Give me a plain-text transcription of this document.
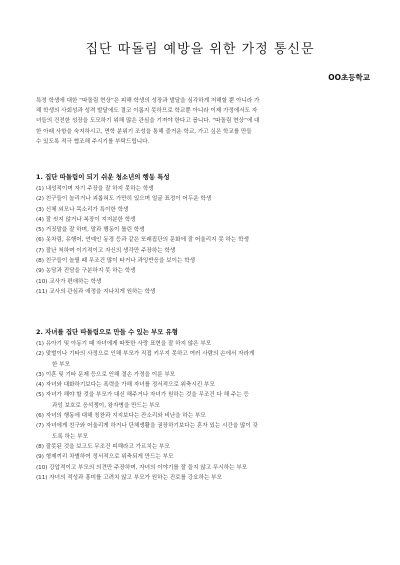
집단 따돌림 예방을 위한 가정 통신문
OO초등학교
특정 학생에 대한 “따돌림 현상”은 피해 학생의 성장과 발달을 심각하게 저해할 뿐 아니라 가
해 학생의 사회성과 성격 발달에도 결코 이롭지 못하므로 학교뿐 아니라 이제 가정에서도 자
녀들의 건전한 성장을 도모하기 위해 많은 관심을 기져야 한다고 봅니다. “따돌림 현상”에 대
한 아래 사항을 숙지하시고, 면학 분위기 조성을 통해 즐거운 학교, 가고 싶은 학교를 만들
수 있도록 적극 협조해 주시기를 부탁드립니다.
1. 집단 따돌림이 되기 쉬운 청소년의 행동 특성
(1) 내성적이며 자기 주장을 잘 하지 못하는 학생
(2) 친구들이 놀리거나 괴롭혀도 가만히 있으며 얼굴 표정이 어두운 학생
(3) 신체 외모나 목소리가 특이한 학생
(4) 잘 씻지 않거나 복장이 지저분한 학생
(5) 거짓말을 잘 하며, 말과 행동이 틀린 학생
(6) 옷차림, 유행어, 연예인 동경 등과 같은 또래집단의 문화에 잘 어울리지 못 하는 학생
(7) 잘난 척하며 이기적이고 자신의 생각만 주장하는 학생
(8) 친구들이 놀릴 때 무조건 많이 타거나 과잉반응을 보이는 학생
(9) 농담과 진담을 구분하지 못 하는 학생
(10) 교사가 편애하는 학생
(11) 교사의 관심과 애정을 지나치게 원하는 학생
2. 자녀를 집단 따돌림으로 만들 수 있는 부모 유형
(1) 유아기 및 아동기 때 자녀에게 따뜻한 사랑 표현을 잘 하지 않은 부모
(2) 맞벌이나 기타의 사정으로 인해 부모가 직접 키우지 못하고 여러 사람의 손에서 자라게
한 부모
(3) 이혼 및 기타 문제 등으로 인해 결손 가정을 이룬 부모
(4) 자녀와 대화하기보다는 폭력을 가해 자녀를 정서적으로 위축시킨 부모
(5) 자녀가 해야 할 것을 부모가 대신 해주거나 자녀가 원하는 것을 무조건 다 해 주는 등
과잉 보호로 응석쟁이, 왕자병을 만드는 부모
(6) 자녀의 행동에 대해 칭찬과 지지보다는 잔소리와 비난을 하는 부모
(7) 자녀에게 친구와 어울리게 하거나 단체생활을 권장하기보다는 혼자 있는 시간을 많이 갖
도록 하는 부모
(8) 잘못된 것을 보고도 무조건 피해라고 가르치는 부모
(9) 형제끼리 차별하여 정서적으로 위축되게 만드는 부모
(10) 강압적이고 부모의 의견만 주장하며, 자녀의 이야기를 잘 들지 않고 무시하는 부모
(11) 자녀의 적성과 흥미를 고려치 않고 부모가 원하는 진로를 강요하는 부모
